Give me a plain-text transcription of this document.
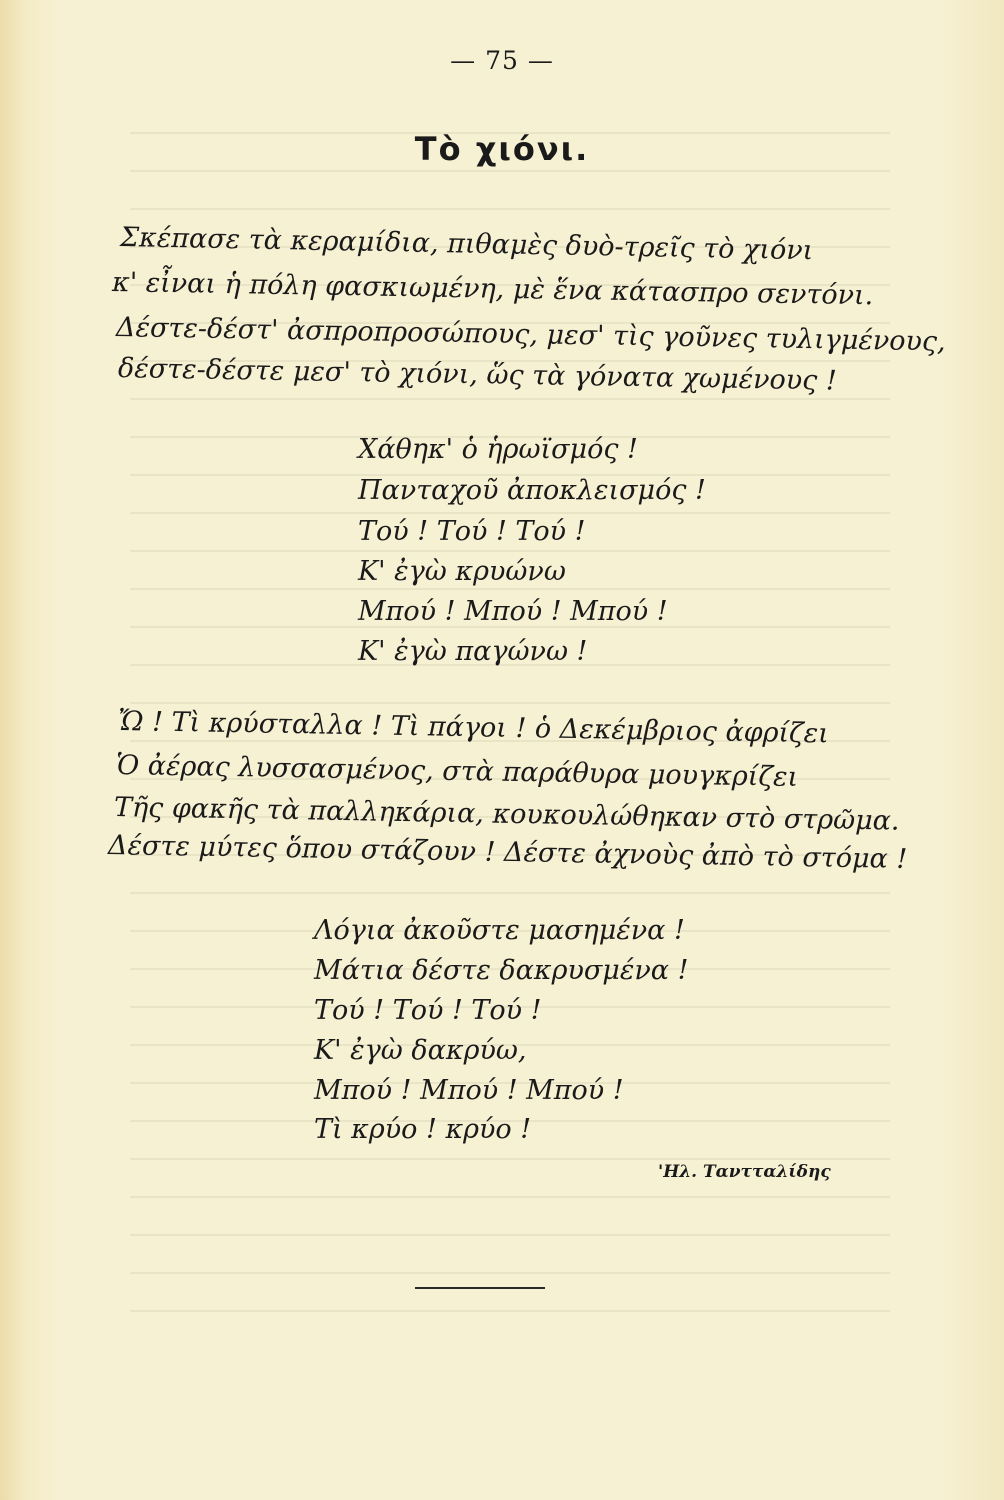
— 75 —
Tὸ χιόνι.
Σκέπασε τὰ κεραμίδια, πιθαμὲς δυὸ-τρεῖς τὸ χιόνι
κ' εἶναι ἡ πόλη φασκιωμένη, μὲ ἕνα κάτασπρο σεντόνι.
Δέστε-δέστ' ἀσπροπροσώπους, μεσ' τὶς γοῦνες τυλιγμένους,
δέστε-δέστε μεσ' τὸ χιόνι, ὥς τὰ γόνατα χωμένους !
Χάθηκ' ὁ ἡρωϊσμός !
Πανταχοῦ ἀποκλεισμός !
Τού ! Τού ! Τού !
Κ' ἐγὼ κρυώνω
Μπού ! Μπού ! Μπού !
Κ' ἐγὼ παγώνω !
Ὤ ! Τὶ κρύσταλλα ! Τὶ πάγοι ! ὁ Δεκέμβριος ἀφρίζει
Ὁ ἀέρας λυσσασμένος, στὰ παράθυρα μουγκρίζει
Τῆς φακῆς τὰ παλληκάρια, κουκουλώθηκαν στὸ στρῶμα.
Δέστε μύτες ὅπου στάζουν ! Δέστε ἀχνοὺς ἀπὸ τὸ στόμα !
Λόγια ἀκοῦστε μασημένα !
Μάτια δέστε δακρυσμένα !
Τού ! Τού ! Τού !
Κ' ἐγὼ δακρύω,
Μπού ! Μπού ! Μπού !
Τὶ κρύο ! κρύο !
'Ηλ. Ταντταλίδης
